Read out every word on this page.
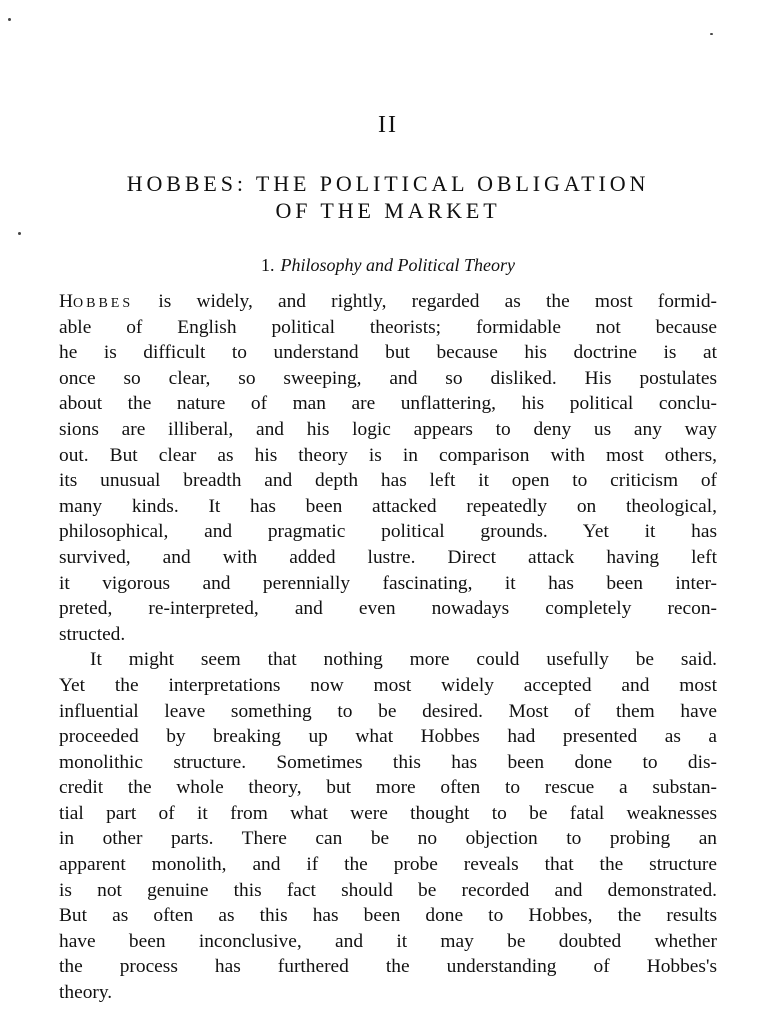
II
HOBBES: THE POLITICAL OBLIGATION
OF THE MARKET
1. Philosophy and Political Theory
HOBBES is widely, and rightly, regarded as the most formid-
able of English political theorists; formidable not because
he is difficult to understand but because his doctrine is at
once so clear, so sweeping, and so disliked. His postulates
about the nature of man are unflattering, his political conclu-
sions are illiberal, and his logic appears to deny us any way
out. But clear as his theory is in comparison with most others,
its unusual breadth and depth has left it open to criticism of
many kinds. It has been attacked repeatedly on theological,
philosophical, and pragmatic political grounds. Yet it has
survived, and with added lustre. Direct attack having left
it vigorous and perennially fascinating, it has been inter-
preted, re-interpreted, and even nowadays completely recon-
structed.
It might seem that nothing more could usefully be said.
Yet the interpretations now most widely accepted and most
influential leave something to be desired. Most of them have
proceeded by breaking up what Hobbes had presented as a
monolithic structure. Sometimes this has been done to dis-
credit the whole theory, but more often to rescue a substan-
tial part of it from what were thought to be fatal weaknesses
in other parts. There can be no objection to probing an
apparent monolith, and if the probe reveals that the structure
is not genuine this fact should be recorded and demonstrated.
But as often as this has been done to Hobbes, the results
have been inconclusive, and it may be doubted whether
the process has furthered the understanding of Hobbes's
theory.
